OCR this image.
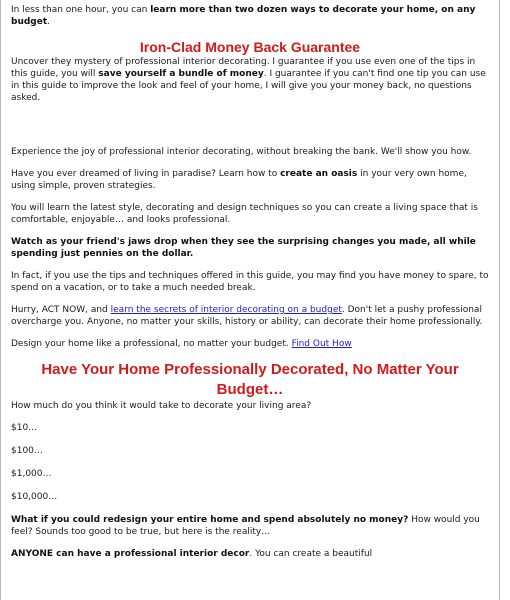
In less than one hour, you can learn more than two dozen ways to decorate your home, on any budget.

Iron-Clad Money Back Guarantee

Uncover they mystery of professional interior decorating. I guarantee if you use even one of the tips in this guide, you will save yourself a bundle of money. I guarantee if you can't find one tip you can use in this guide to improve the look and feel of your home, I will give you your money back, no questions asked.

Experience the joy of professional interior decorating, without breaking the bank. We'll show you how.

Have you ever dreamed of living in paradise? Learn how to create an oasis in your very own home, using simple, proven strategies.

You will learn the latest style, decorating and design techniques so you can create a living space that is comfortable, enjoyable… and looks professional.

Watch as your friend's jaws drop when they see the surprising changes you made, all while spending just pennies on the dollar.

In fact, if you use the tips and techniques offered in this guide, you may find you have money to spare, to spend on a vacation, or to take a much needed break.

Hurry, ACT NOW, and learn the secrets of interior decorating on a budget. Don't let a pushy professional overcharge you. Anyone, no matter your skills, history or ability, can decorate their home professionally.

Design your home like a professional, no matter your budget. Find Out How

Have Your Home Professionally Decorated, No Matter Your Budget…

How much do you think it would take to decorate your living area?

$10…

$100…

$1,000…

$10,000…

What if you could redesign your entire home and spend absolutely no money? How would you feel? Sounds too good to be true, but here is the reality…

ANYONE can have a professional interior decor. You can create a beautiful
